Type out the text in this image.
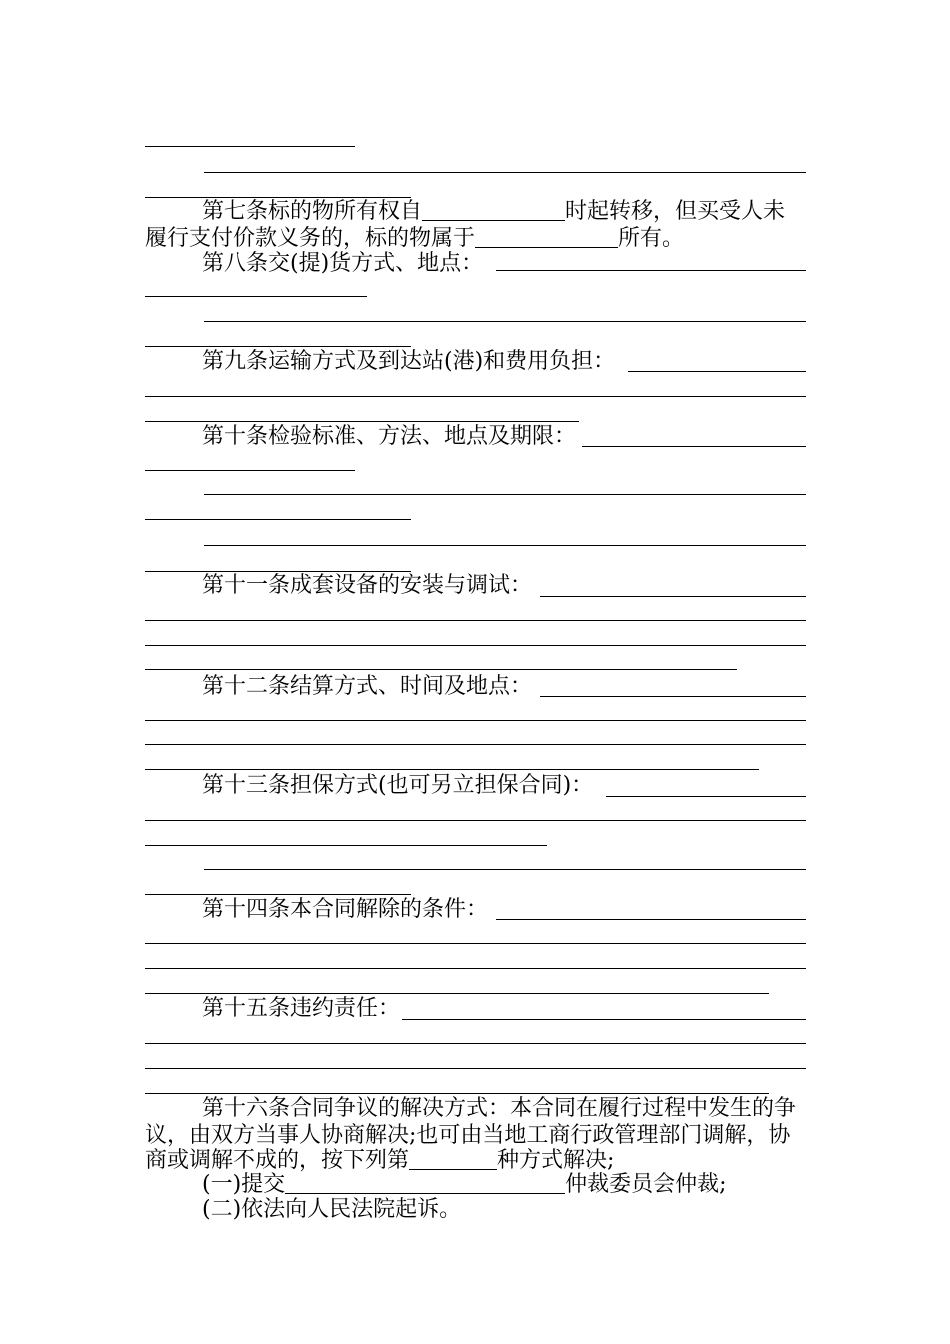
第七条标的物所有权自	时起转移，但买受人未
履行支付价款义务的，标的物属于	所有。
第八条交(提)货方式、地点：
第九条运输方式及到达站(港)和费用负担：
第十条检验标准、方法、地点及期限：
第十一条成套设备的安装与调试：
第十二条结算方式、时间及地点：
第十三条担保方式(也可另立担保合同)：
第十四条本合同解除的条件：
第十五条违约责任：
第十六条合同争议的解决方式：本合同在履行过程中发生的争
议，由双方当事人协商解决;也可由当地工商行政管理部门调解，协
商或调解不成的，按下列第	种方式解决;
(一)提交	仲裁委员会仲裁;
(二)依法向人民法院起诉。
